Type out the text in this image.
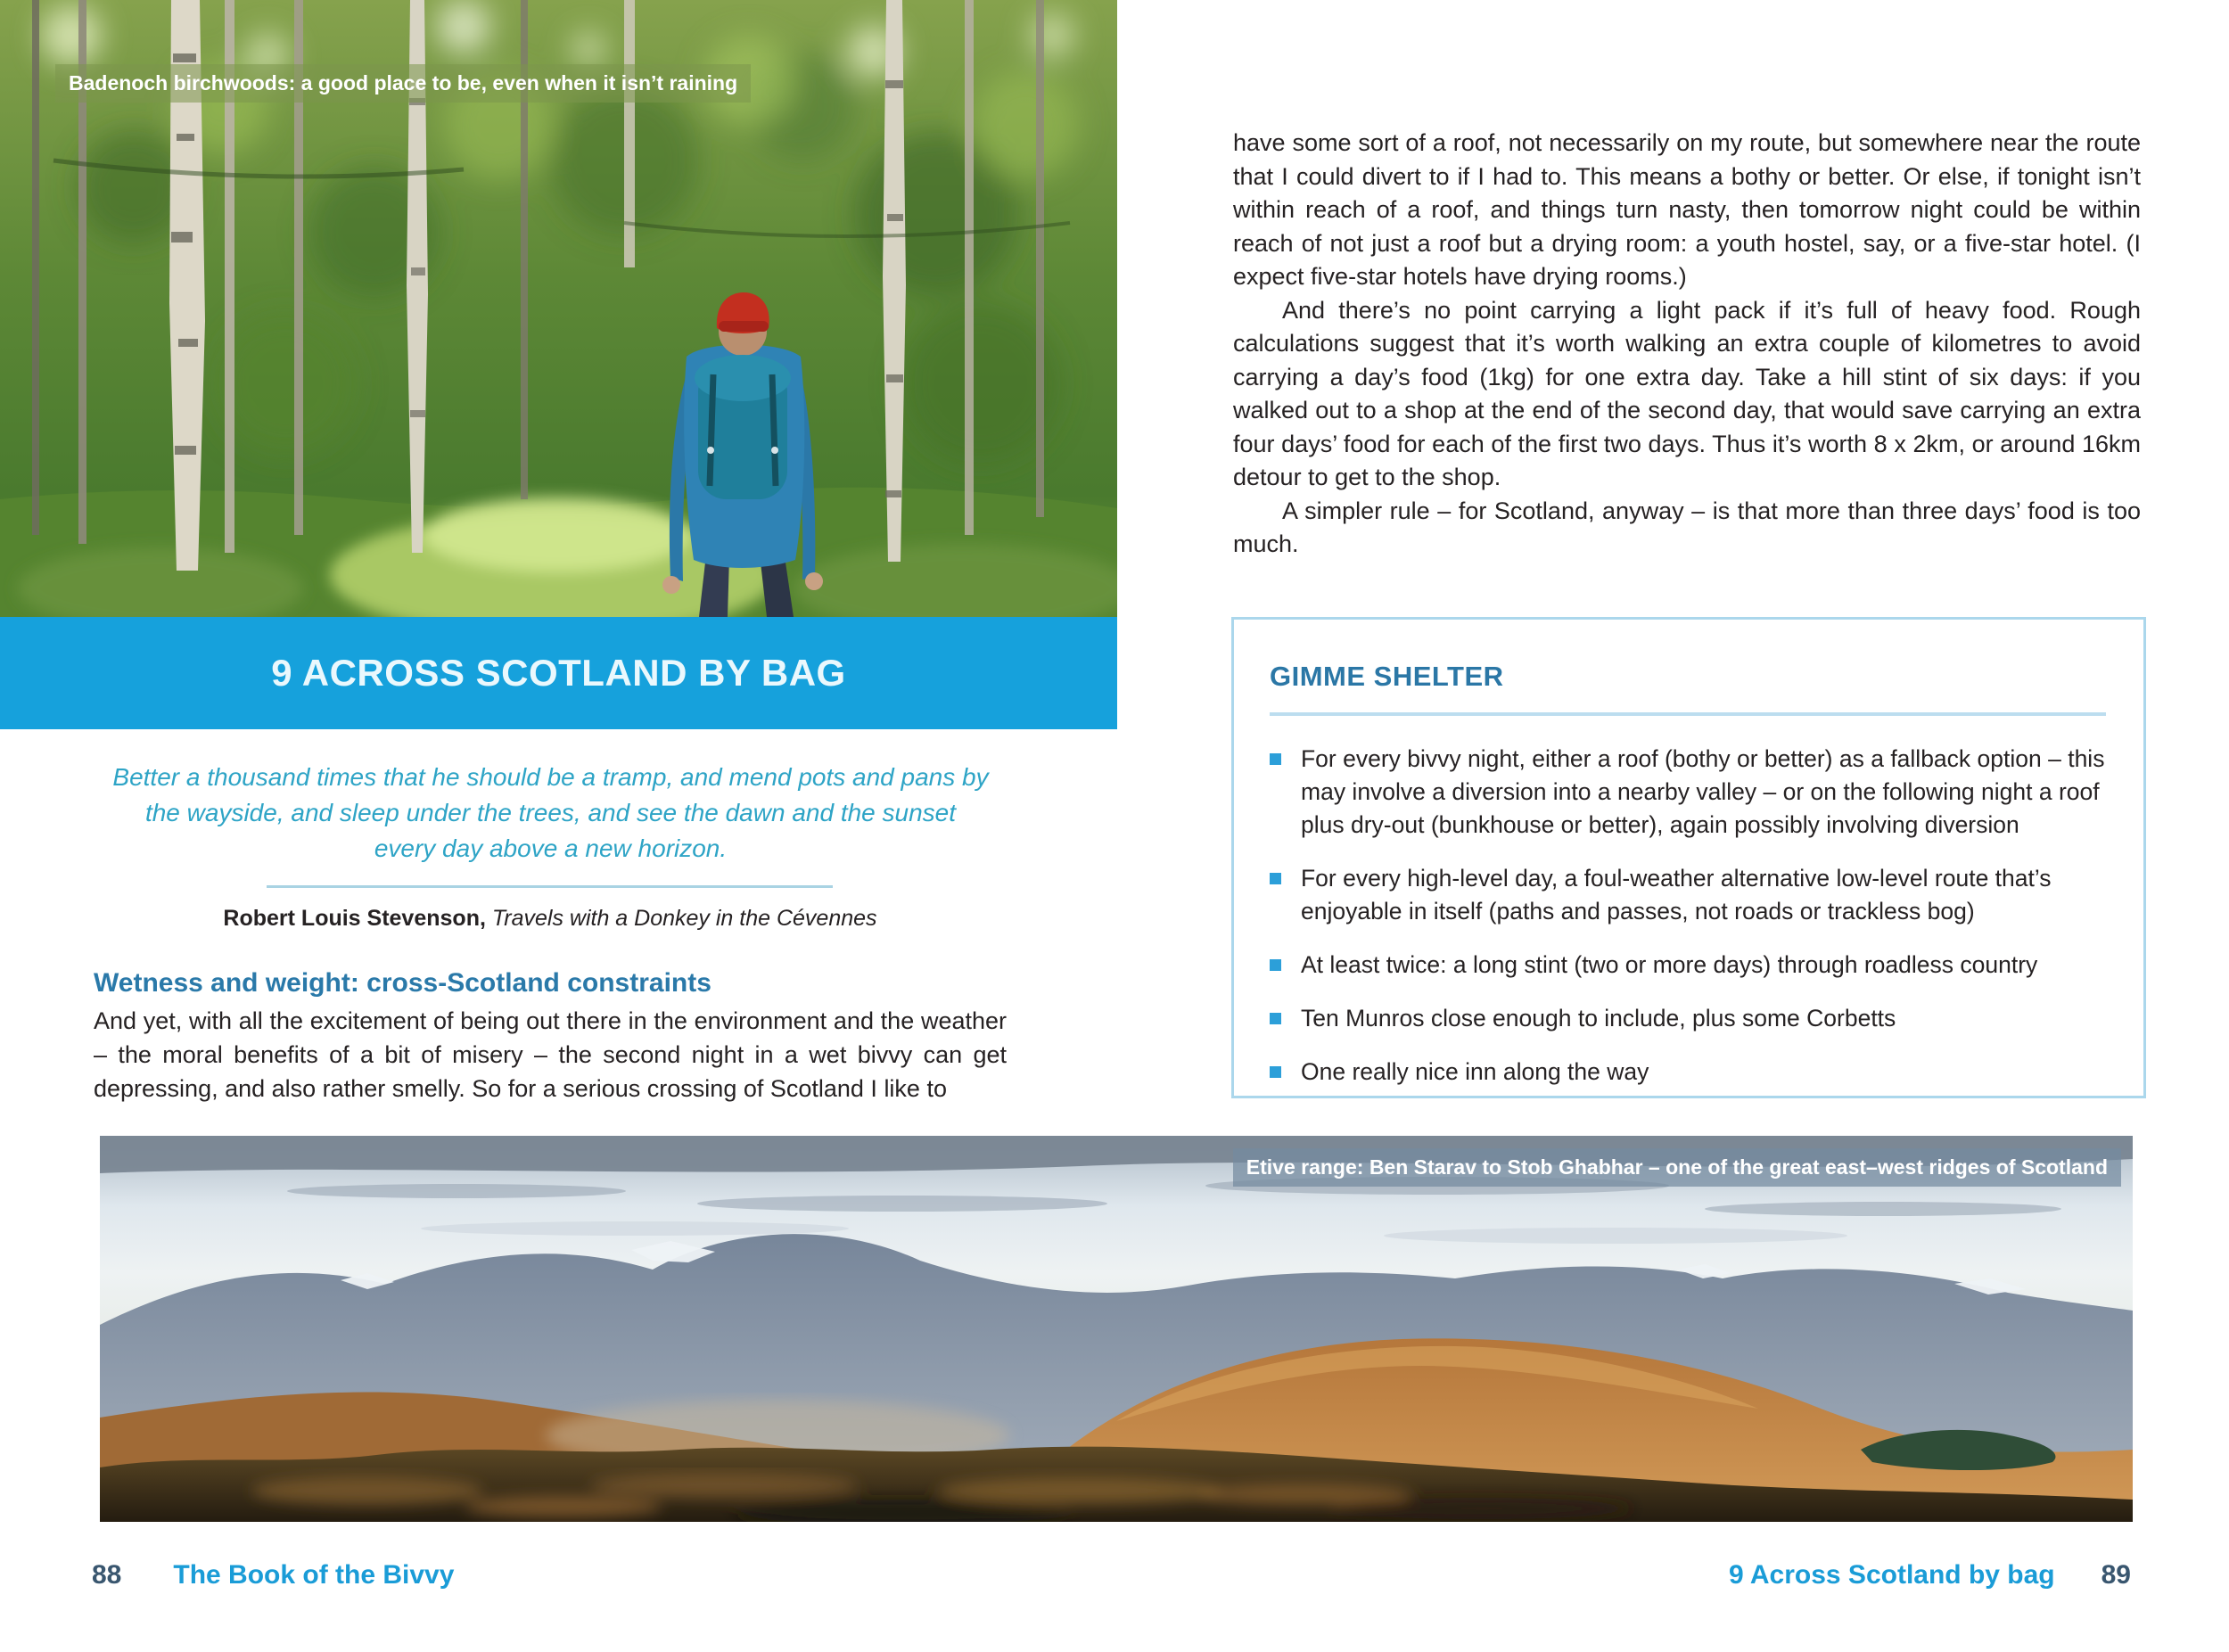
Badenoch birchwoods: a good place to be, even when it isn’t raining
9 ACROSS SCOTLAND BY BAG
Better a thousand times that he should be a tramp, and mend pots and pans by the wayside, and sleep under the trees, and see the dawn and the sunset every day above a new horizon.

Robert Louis Stevenson, Travels with a Donkey in the Cévennes

Wetness and weight: cross-Scotland constraints

And yet, with all the excitement of being out there in the environment and the weather – the moral benefits of a bit of misery – the second night in a wet bivvy can get depressing, and also rather smelly. So for a serious crossing of Scotland I like to

have some sort of a roof, not necessarily on my route, but somewhere near the route that I could divert to if I had to. This means a bothy or better. Or else, if tonight isn’t within reach of a roof, and things turn nasty, then tomorrow night could be within reach of not just a roof but a drying room: a youth hostel, say, or a five-star hotel. (I expect five-star hotels have drying rooms.)

And there’s no point carrying a light pack if it’s full of heavy food. Rough calculations suggest that it’s worth walking an extra couple of kilometres to avoid carrying a day’s food (1kg) for one extra day. Take a hill stint of six days: if you walked out to a shop at the end of the second day, that would save carrying an extra four days’ food for each of the first two days. Thus it’s worth 8 x 2km, or around 16km detour to get to the shop.

A simpler rule – for Scotland, anyway – is that more than three days’ food is too much.

GIMME SHELTER
For every bivvy night, either a roof (bothy or better) as a fallback option – this may involve a diversion into a nearby valley – or on the following night a roof plus dry-out (bunkhouse or better), again possibly involving diversion
For every high-level day, a foul-weather alternative low-level route that’s enjoyable in itself (paths and passes, not roads or trackless bog)
At least twice: a long stint (two or more days) through roadless country
Ten Munros close enough to include, plus some Corbetts
One really nice inn along the way
Etive range: Ben Starav to Stob Ghabhar – one of the great east–west ridges of Scotland
88 The Book of the Bivvy	9 Across Scotland by bag 89
